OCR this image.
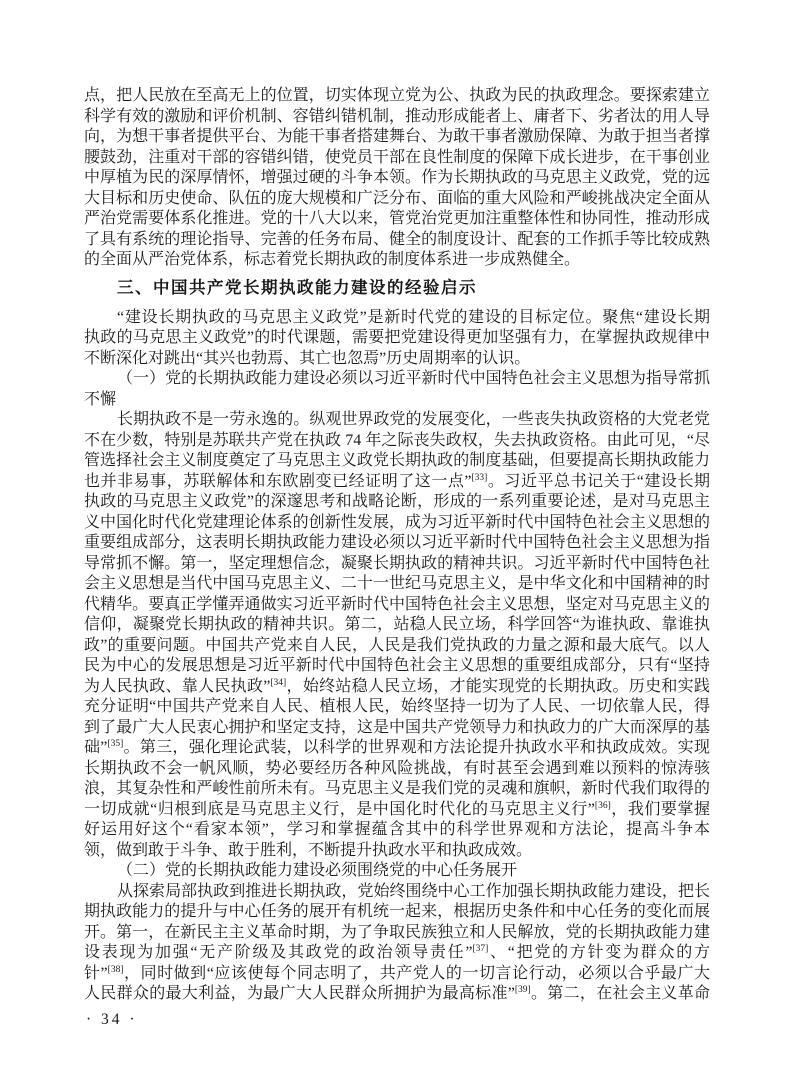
点，把人民放在至高无上的位置，切实体现立党为公、执政为民的执政理念。要探索建立
科学有效的激励和评价机制、容错纠错机制，推动形成能者上、庸者下、劣者汰的用人导
向，为想干事者提供平台、为能干事者搭建舞台、为敢干事者激励保障、为敢于担当者撑
腰鼓劲，注重对干部的容错纠错，使党员干部在良性制度的保障下成长进步，在干事创业
中厚植为民的深厚情怀，增强过硬的斗争本领。作为长期执政的马克思主义政党，党的远
大目标和历史使命、队伍的庞大规模和广泛分布、面临的重大风险和严峻挑战决定全面从
严治党需要体系化推进。党的十八大以来，管党治党更加注重整体性和协同性，推动形成
了具有系统的理论指导、完善的任务布局、健全的制度设计、配套的工作抓手等比较成熟
的全面从严治党体系，标志着党长期执政的制度体系进一步成熟健全。
三、中国共产党长期执政能力建设的经验启示
“建设长期执政的马克思主义政党”是新时代党的建设的目标定位。聚焦“建设长期
执政的马克思主义政党”的时代课题，需要把党建设得更加坚强有力，在掌握执政规律中
不断深化对跳出“其兴也勃焉、其亡也忽焉”历史周期率的认识。
（一）党的长期执政能力建设必须以习近平新时代中国特色社会主义思想为指导常抓
不懈
长期执政不是一劳永逸的。纵观世界政党的发展变化，一些丧失执政资格的大党老党
不在少数，特别是苏联共产党在执政 74 年之际丧失政权，失去执政资格。由此可见，“尽
管选择社会主义制度奠定了马克思主义政党长期执政的制度基础，但要提高长期执政能力
也并非易事，苏联解体和东欧剧变已经证明了这一点”[33]。习近平总书记关于“建设长期
执政的马克思主义政党”的深邃思考和战略论断，形成的一系列重要论述，是对马克思主
义中国化时代化党建理论体系的创新性发展，成为习近平新时代中国特色社会主义思想的
重要组成部分，这表明长期执政能力建设必须以习近平新时代中国特色社会主义思想为指
导常抓不懈。第一，坚定理想信念，凝聚长期执政的精神共识。习近平新时代中国特色社
会主义思想是当代中国马克思主义、二十一世纪马克思主义，是中华文化和中国精神的时
代精华。要真正学懂弄通做实习近平新时代中国特色社会主义思想，坚定对马克思主义的
信仰，凝聚党长期执政的精神共识。第二，站稳人民立场，科学回答“为谁执政、靠谁执
政”的重要问题。中国共产党来自人民，人民是我们党执政的力量之源和最大底气。以人
民为中心的发展思想是习近平新时代中国特色社会主义思想的重要组成部分，只有“坚持
为人民执政、靠人民执政”[34]，始终站稳人民立场，才能实现党的长期执政。历史和实践
充分证明“中国共产党来自人民、植根人民，始终坚持一切为了人民、一切依靠人民，得
到了最广大人民衷心拥护和坚定支持，这是中国共产党领导力和执政力的广大而深厚的基
础”[35]。第三，强化理论武装，以科学的世界观和方法论提升执政水平和执政成效。实现
长期执政不会一帆风顺，势必要经历各种风险挑战，有时甚至会遇到难以预料的惊涛骇
浪，其复杂性和严峻性前所未有。马克思主义是我们党的灵魂和旗帜，新时代我们取得的
一切成就“归根到底是马克思主义行，是中国化时代化的马克思主义行”[36]，我们要掌握
好运用好这个“看家本领”，学习和掌握蕴含其中的科学世界观和方法论，提高斗争本
领，做到敢于斗争、敢于胜利，不断提升执政水平和执政成效。
（二）党的长期执政能力建设必须围绕党的中心任务展开
从探索局部执政到推进长期执政，党始终围绕中心工作加强长期执政能力建设，把长
期执政能力的提升与中心任务的展开有机统一起来，根据历史条件和中心任务的变化而展
开。第一，在新民主主义革命时期，为了争取民族独立和人民解放，党的长期执政能力建
设表现为加强“无产阶级及其政党的政治领导责任”[37]、“把党的方针变为群众的方
针”[38]，同时做到“应该使每个同志明了，共产党人的一切言论行动，必须以合乎最广大
人民群众的最大利益，为最广大人民群众所拥护为最高标准”[39]。第二，在社会主义革命
· 34 ·
